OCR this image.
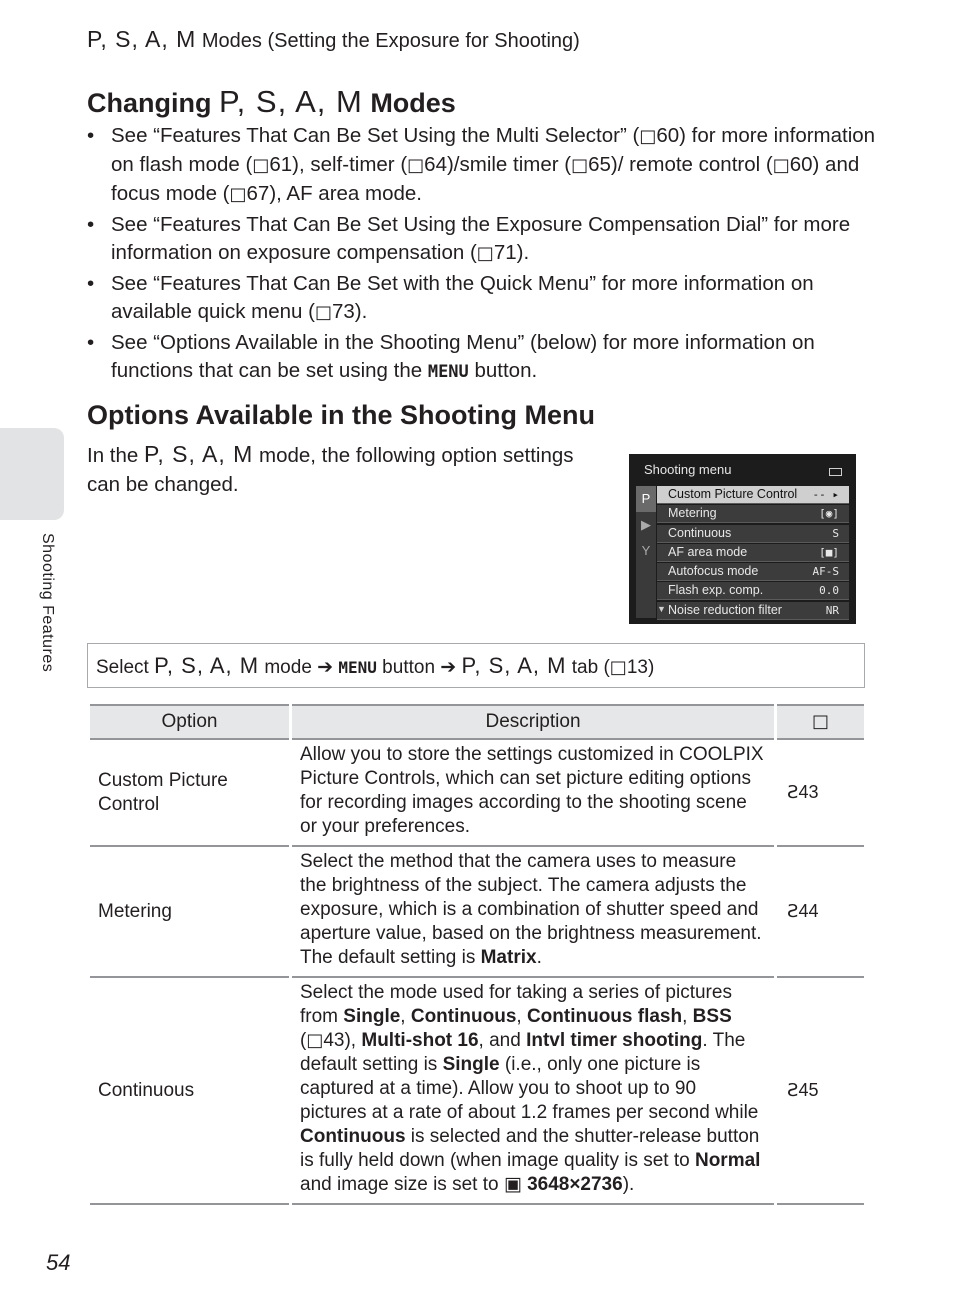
P, S, A, M Modes (Setting the Exposure for Shooting)
Shooting Features
Changing P, S, A, M Modes
• See “Features That Can Be Set Using the Multi Selector” (□60) for more information on flash mode (□61), self-timer (□64)/smile timer (□65)/ remote control (□60) and focus mode (□67), AF area mode.
• See “Features That Can Be Set Using the Exposure Compensation Dial” for more information on exposure compensation (□71).
• See “Features That Can Be Set with the Quick Menu” for more information on available quick menu (□73).
• See “Options Available in the Shooting Menu” (below) for more information on functions that can be set using the MENU button.
Options Available in the Shooting Menu
In the P, S, A, M mode, the following option settings can be changed.
Shooting menu
P
▶
Y
Custom Picture Control -- ▸
Metering	[◉]
Continuous	S
AF area mode	[■]
Autofocus mode	AF-S
Flash exp. comp.	0.0
Noise reduction filter	NR
▼
Select P, S, A, M mode ➔ MENU button ➔ P, S, A, M tab (□13)
Option	Description	□
Custom Picture Control	Allow you to store the settings customized in COOLPIX Picture Controls, which can set picture editing options for recording images according to the shooting scene or your preferences.	Ƨ43
Metering	Select the method that the camera uses to measure the brightness of the subject. The camera adjusts the exposure, which is a combination of shutter speed and aperture value, based on the brightness measurement. The default setting is Matrix.	Ƨ44
Continuous	Select the mode used for taking a series of pictures from Single, Continuous, Continuous flash, BSS (□43), Multi-shot 16, and Intvl timer shooting. The default setting is Single (i.e., only one picture is captured at a time). Allow you to shoot up to 90 pictures at a rate of about 1.2 frames per second while Continuous is selected and the shutter-release button is fully held down (when image quality is set to Normal and image size is set to ▣ 3648×2736).	Ƨ45
54
